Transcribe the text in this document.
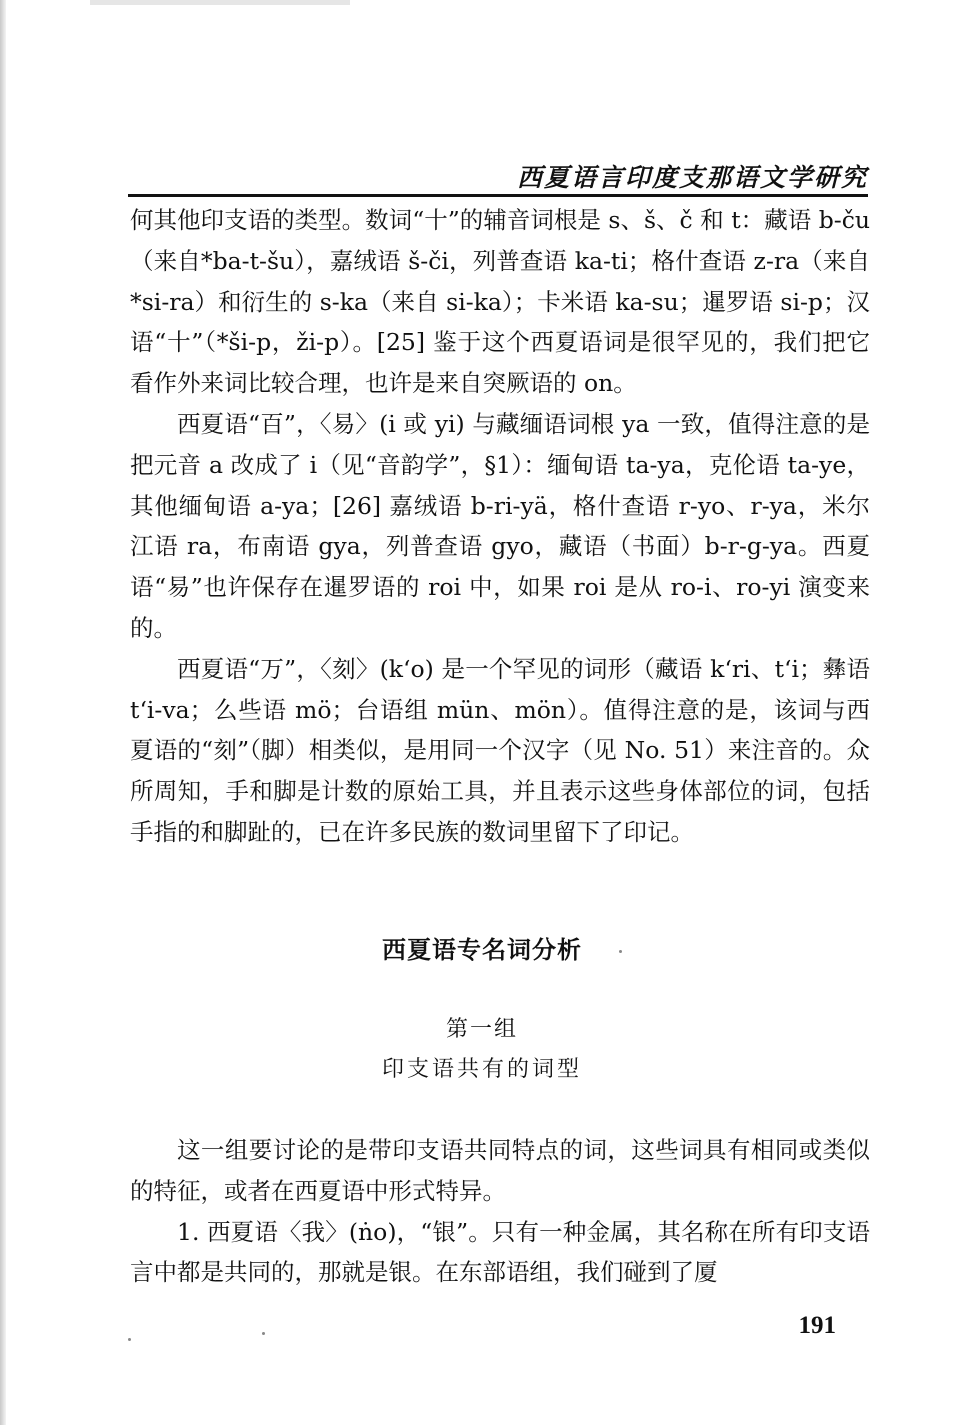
西夏语言印度支那语文学研究

何其他印支语的类型。数词“十”的辅音词根是 s、š、č 和 t：藏语 b-ču（来自*ba-t-šu），嘉绒语 š-či，列普查语 ka-ti；格什查语 z-ra（来自*si-ra）和衍生的 s-ka（来自 si-ka）；卡米语 ka-su；暹罗语 si-p；汉语“十”（*ši-p，ži-p）。[25] 鉴于这个西夏语词是很罕见的，我们把它看作外来词比较合理，也许是来自突厥语的 on。

西夏语“百”，〈易〉(i 或 yi) 与藏缅语词根 ya 一致，值得注意的是把元音 a 改成了 i（见“音韵学”，§1）：缅甸语 ta-ya，克伦语 ta-ye，其他缅甸语 a-ya；[26] 嘉绒语 b-ri-yä，格什查语 r-yo、r-ya，米尔江语 ra，布南语 gya，列普查语 gyo，藏语（书面）b-r-g-ya。西夏语“易”也许保存在暹罗语的 roi 中，如果 roi 是从 ro-i、ro-yi 演变来的。

西夏语“万”，〈刻〉(k‘o) 是一个罕见的词形（藏语 k‘ri、t‘i；彝语 t‘i-va；么些语 mö；台语组 mün、mön）。值得注意的是，该词与西夏语的“刻”（脚）相类似，是用同一个汉字（见 No. 51）来注音的。众所周知，手和脚是计数的原始工具，并且表示这些身体部位的词，包括手指的和脚趾的，已在许多民族的数词里留下了印记。

西夏语专名词分析
第一组
印支语共有的词型

这一组要讨论的是带印支语共同特点的词，这些词具有相同或类似的特征，或者在西夏语中形式特异。

1. 西夏语〈我〉(ṅo)，“银”。只有一种金属，其名称在所有印支语言中都是共同的，那就是银。在东部语组，我们碰到了厦

191
